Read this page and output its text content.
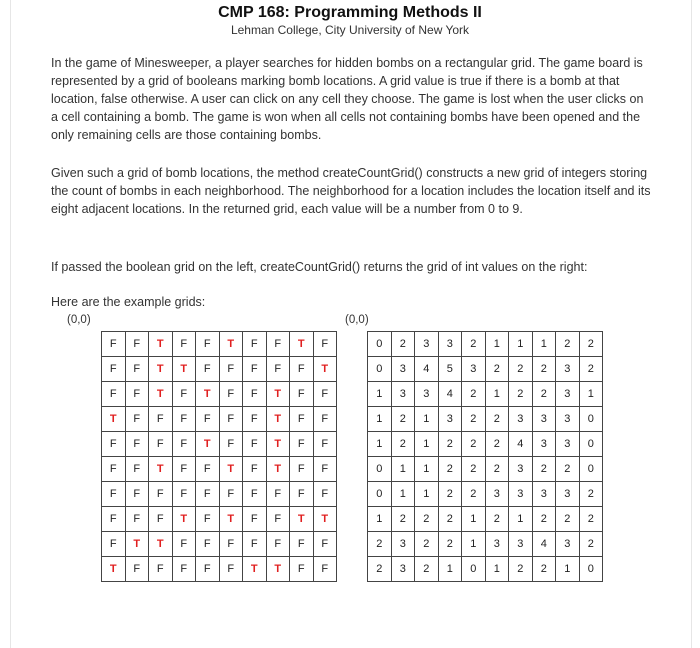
CMP 168: Programming Methods II
Lehman College, City University of New York

In the game of Minesweeper, a player searches for hidden bombs on a rectangular grid. The game board is represented by a grid of booleans marking bomb locations. A grid value is true if there is a bomb at that location, false otherwise. A user can click on any cell they choose. The game is lost when the user clicks on a cell containing a bomb. The game is won when all cells not containing bombs have been opened and the only remaining cells are those containing bombs.

Given such a grid of bomb locations, the method createCountGrid() constructs a new grid of integers storing the count of bombs in each neighborhood. The neighborhood for a location includes the location itself and its eight adjacent locations. In the returned grid, each value will be a number from 0 to 9.

If passed the boolean grid on the left, createCountGrid() returns the grid of int values on the right:

Here are the example grids:

(0,0)	(0,0)
F	F	T	F	F	T	F	F	T	F
F	F	T	T	F	F	F	F	F	T
F	F	T	F	T	F	F	T	F	F
T	F	F	F	F	F	F	T	F	F
F	F	F	F	T	F	F	T	F	F
F	F	T	F	F	T	F	T	F	F
F	F	F	F	F	F	F	F	F	F
F	F	F	T	F	T	F	F	T	T
F	T	T	F	F	F	F	F	F	F
T	F	F	F	F	F	T	T	F	F
0	2	3	3	2	1	1	1	2	2
0	3	4	5	3	2	2	2	3	2
1	3	3	4	2	1	2	2	3	1
1	2	1	3	2	2	3	3	3	0
1	2	1	2	2	2	4	3	3	0
0	1	1	2	2	2	3	2	2	0
0	1	1	2	2	3	3	3	3	2
1	2	2	2	1	2	1	2	2	2
2	3	2	2	1	3	3	4	3	2
2	3	2	1	0	1	2	2	1	0
